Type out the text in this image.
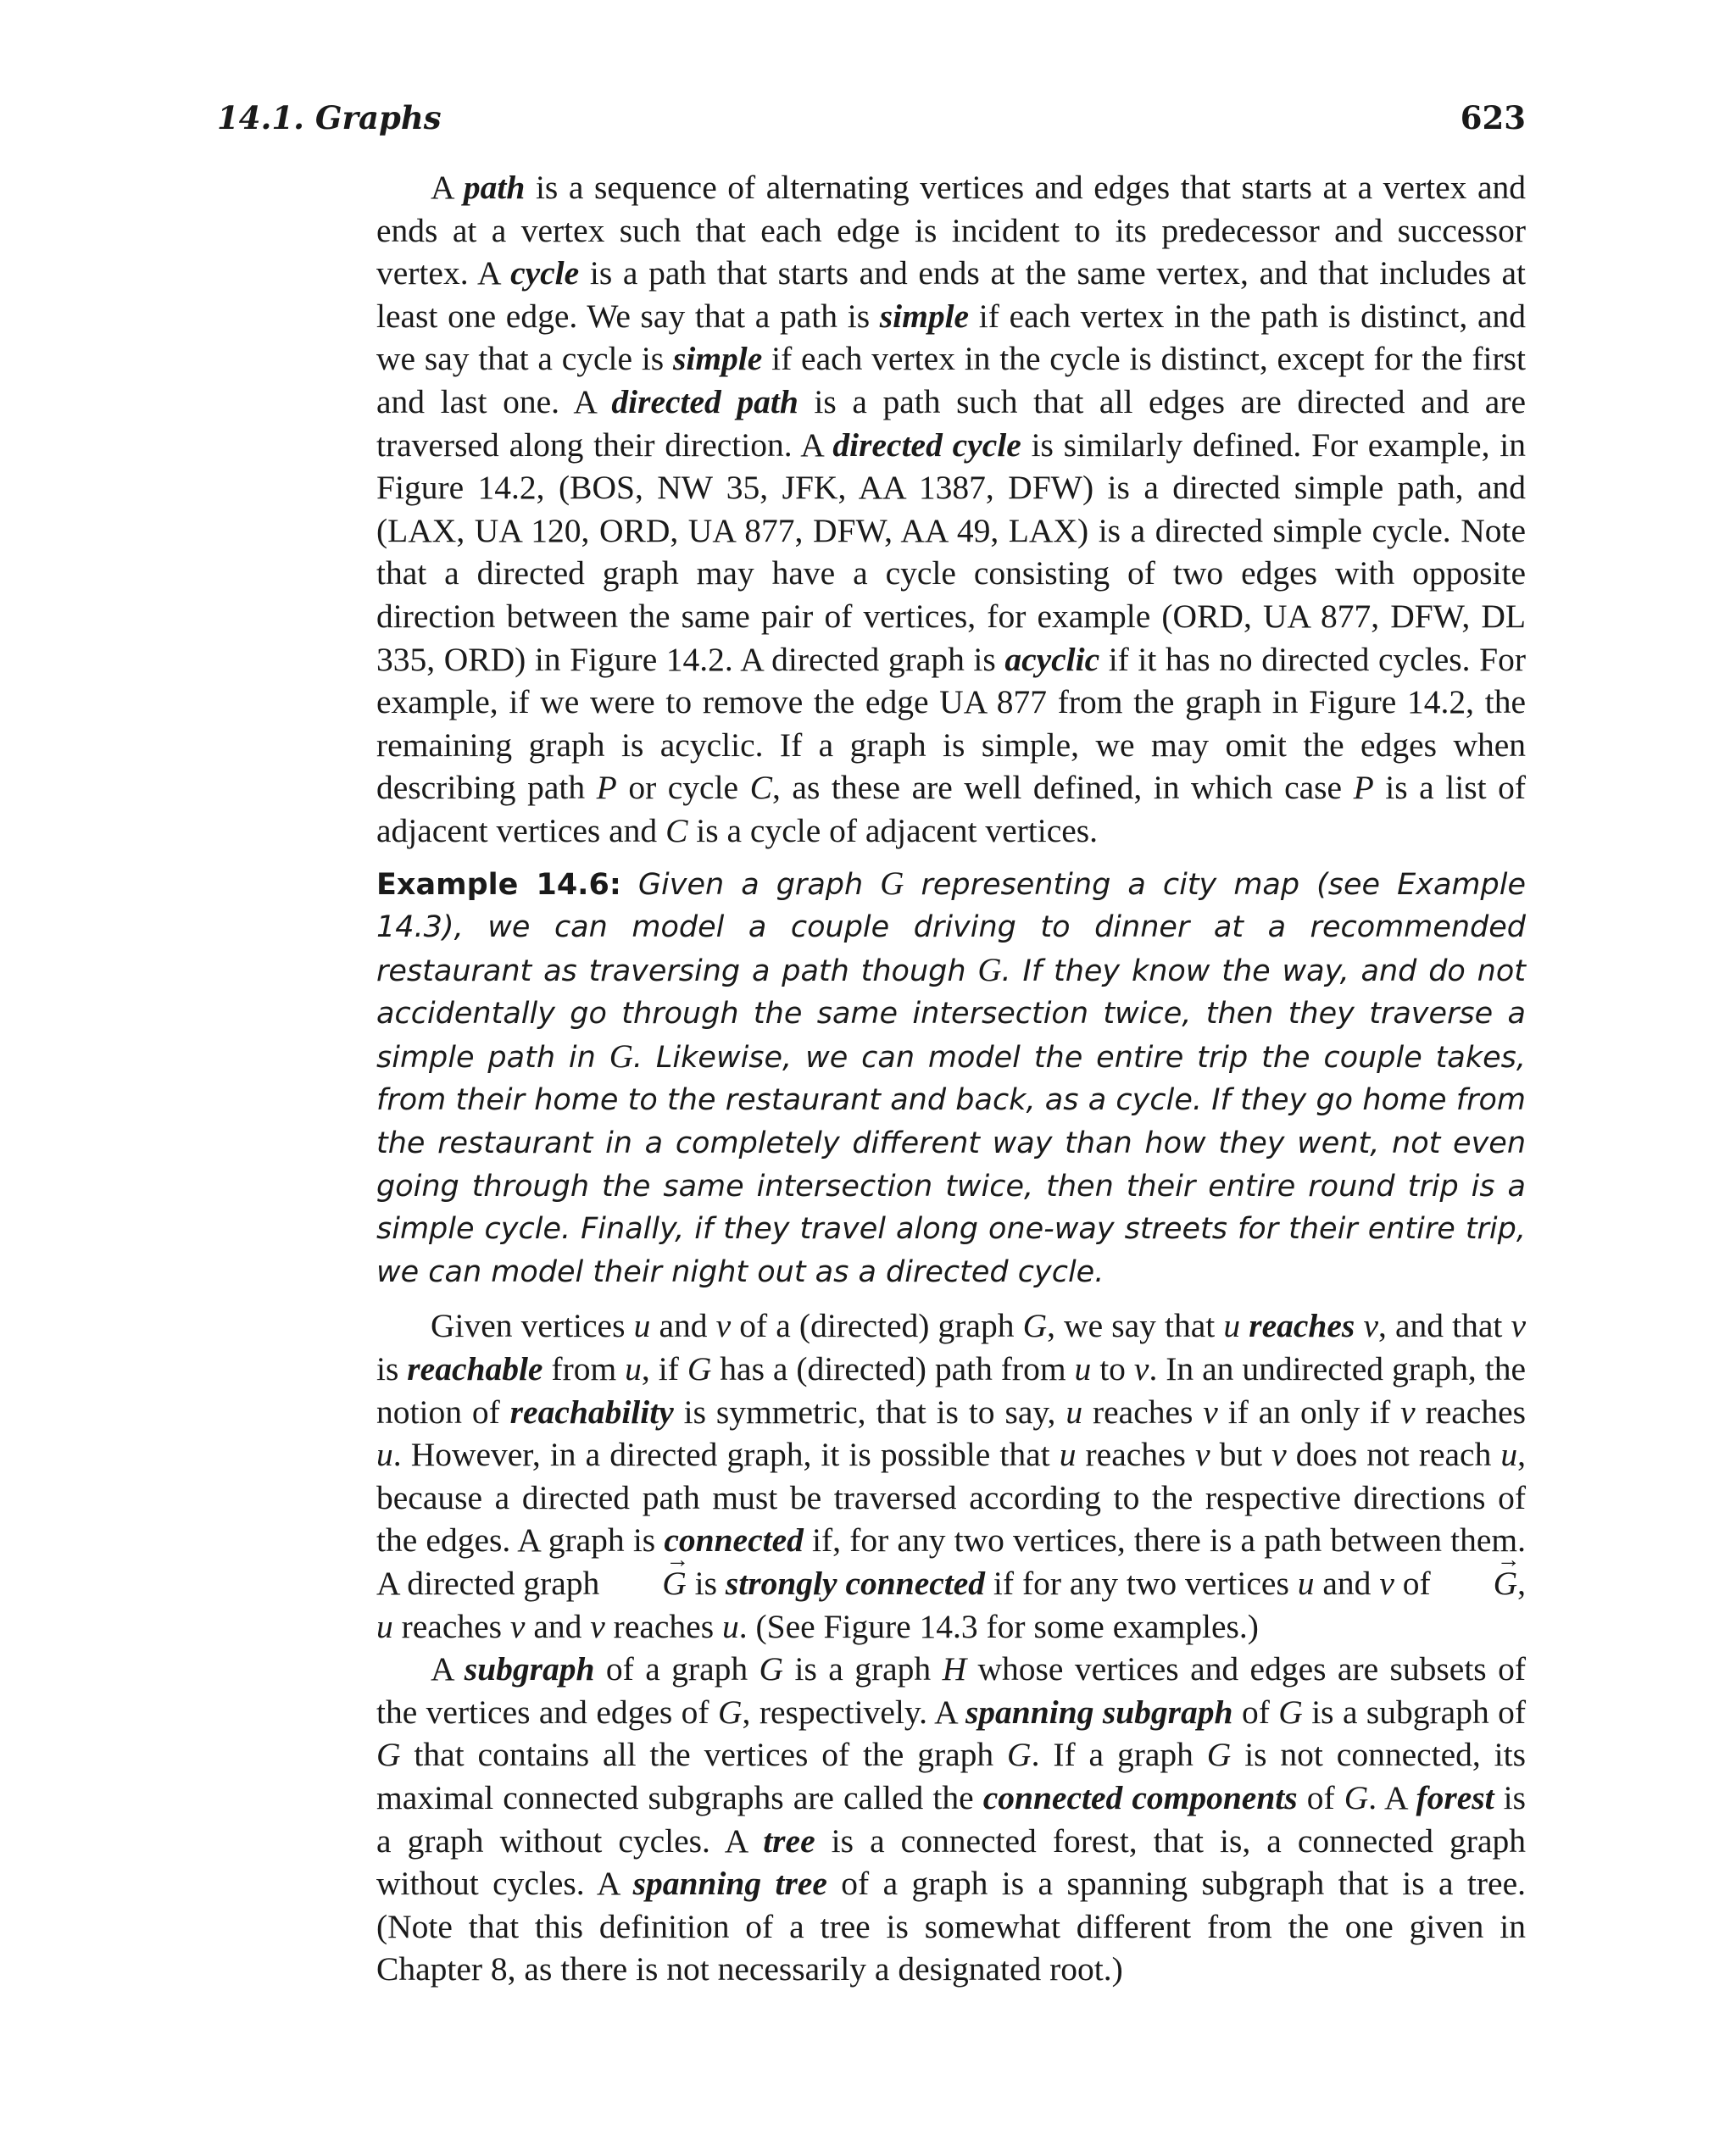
14.1. Graphs	623

A path is a sequence of alternating vertices and edges that starts at a vertex and ends at a vertex such that each edge is incident to its predecessor and successor vertex. A cycle is a path that starts and ends at the same vertex, and that includes at least one edge. We say that a path is simple if each vertex in the path is distinct, and we say that a cycle is simple if each vertex in the cycle is distinct, except for the first and last one. A directed path is a path such that all edges are directed and are traversed along their direction. A directed cycle is similarly defined. For example, in Figure 14.2, (BOS, NW 35, JFK, AA 1387, DFW) is a directed simple path, and (LAX, UA 120, ORD, UA 877, DFW, AA 49, LAX) is a directed simple cycle. Note that a directed graph may have a cycle consisting of two edges with opposite direction between the same pair of vertices, for example (ORD, UA 877, DFW, DL 335, ORD) in Figure 14.2. A directed graph is acyclic if it has no directed cycles. For example, if we were to remove the edge UA 877 from the graph in Figure 14.2, the remaining graph is acyclic. If a graph is simple, we may omit the edges when describing path P or cycle C, as these are well defined, in which case P is a list of adjacent vertices and C is a cycle of adjacent vertices.

Example 14.6: Given a graph G representing a city map (see Example 14.3), we can model a couple driving to dinner at a recommended restaurant as traversing a path though G. If they know the way, and do not accidentally go through the same intersection twice, then they traverse a simple path in G. Likewise, we can model the entire trip the couple takes, from their home to the restaurant and back, as a cycle. If they go home from the restaurant in a completely different way than how they went, not even going through the same intersection twice, then their entire round trip is a simple cycle. Finally, if they travel along one-way streets for their entire trip, we can model their night out as a directed cycle.

Given vertices u and v of a (directed) graph G, we say that u reaches v, and that v is reachable from u, if G has a (directed) path from u to v. In an undirected graph, the notion of reachability is symmetric, that is to say, u reaches v if an only if v reaches u. However, in a directed graph, it is possible that u reaches v but v does not reach u, because a directed path must be traversed according to the respective directions of the edges. A graph is connected if, for any two vertices, there is a path between them. A directed graph → G is strongly connected if for any two vertices u and v of → G, u reaches v and v reaches u. (See Figure 14.3 for some examples.)

A subgraph of a graph G is a graph H whose vertices and edges are subsets of the vertices and edges of G, respectively. A spanning subgraph of G is a subgraph of G that contains all the vertices of the graph G. If a graph G is not connected, its maximal connected subgraphs are called the connected components of G. A forest is a graph without cycles. A tree is a connected forest, that is, a connected graph without cycles. A spanning tree of a graph is a spanning subgraph that is a tree. (Note that this definition of a tree is somewhat different from the one given in Chapter 8, as there is not necessarily a designated root.)
